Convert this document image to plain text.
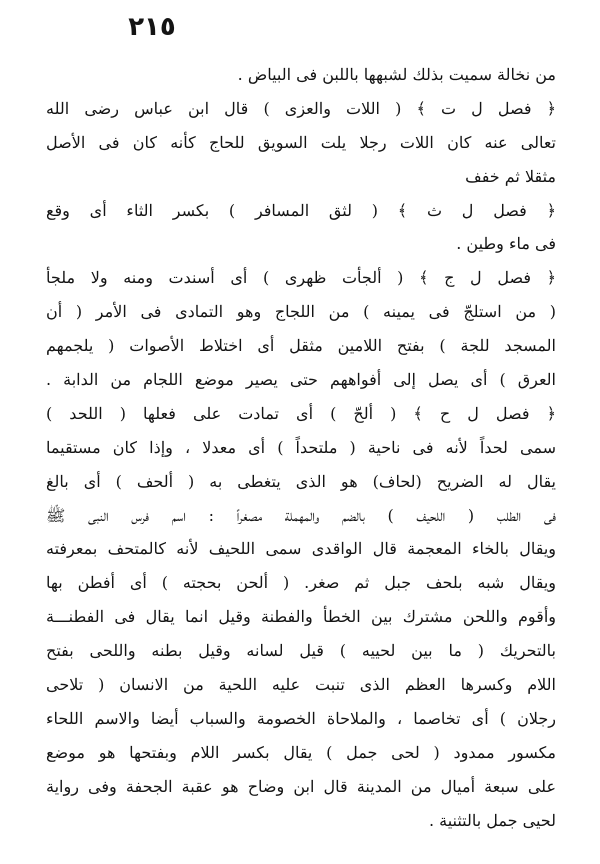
٢١٥
من نخالة سميت بذلك لشبهها باللبن فى البياض .
﴿ فصل ل ت ﴾ ( اللات والعزى ) قال ابن عباس رضى الله
تعالى عنه كان اللات رجلا يلت السويق للحاج كأنه كان فى الأصل
مثقلا ثم خفف
﴿ فصل ل ث ﴾ ( لثق المسافر ) بكسر الثاء أى وقع
فى ماء وطين .
﴿ فصل ل ج ﴾ ( ألجأت ظهرى ) أى أسندت ومنه ولا ملجأ
( من استلجّ فى يمينه ) من اللجاج وهو التمادى فى الأمر ( أن
المسجد للجة ) بفتح اللامين مثقل أى اختلاط الأصوات ( يلجمهم
العرق ) أى يصل إلى أفواههم حتى يصير موضع اللجام من الدابة .
﴿ فصل ل ح ﴾ ( ألحّ ) أى تمادت على فعلها ( اللحد )
سمى لحداً لأنه فى ناحية ( ملتحداً ) أى معدلا ، وإذا كان مستقيما
يقال له الضريح (لحاف) هو الذى يتغطى به ( ألحف ) أى بالغ
فى الطلب ( اللحيف ) بالضم والمهملة مصغراً : اسم فرس النبى ﷺ
ويقال بالخاء المعجمة قال الواقدى سمى اللحيف لأنه كالمتحف بمعرفته
ويقال شبه بلحف جبل ثم صغر. ( ألحن بحجته ) أى أفطن بها
وأقوم واللحن مشترك بين الخطأ والفطنة وقيل انما يقال فى الفطنـــة
بالتحريك ( ما بين لحييه ) قيل لسانه وقيل بطنه واللحى بفتح
اللام وكسرها العظم الذى تنبت عليه اللحية من الانسان ( تلاحى
رجلان ) أى تخاصما ، والملاحاة الخصومة والسباب أيضا والاسم اللحاء
مكسور ممدود ( لحى جمل ) يقال بكسر اللام وبفتحها هو موضع
على سبعة أميال من المدينة قال ابن وضاح هو عقبة الجحفة وفى رواية
لحيى جمل بالتثنية .
